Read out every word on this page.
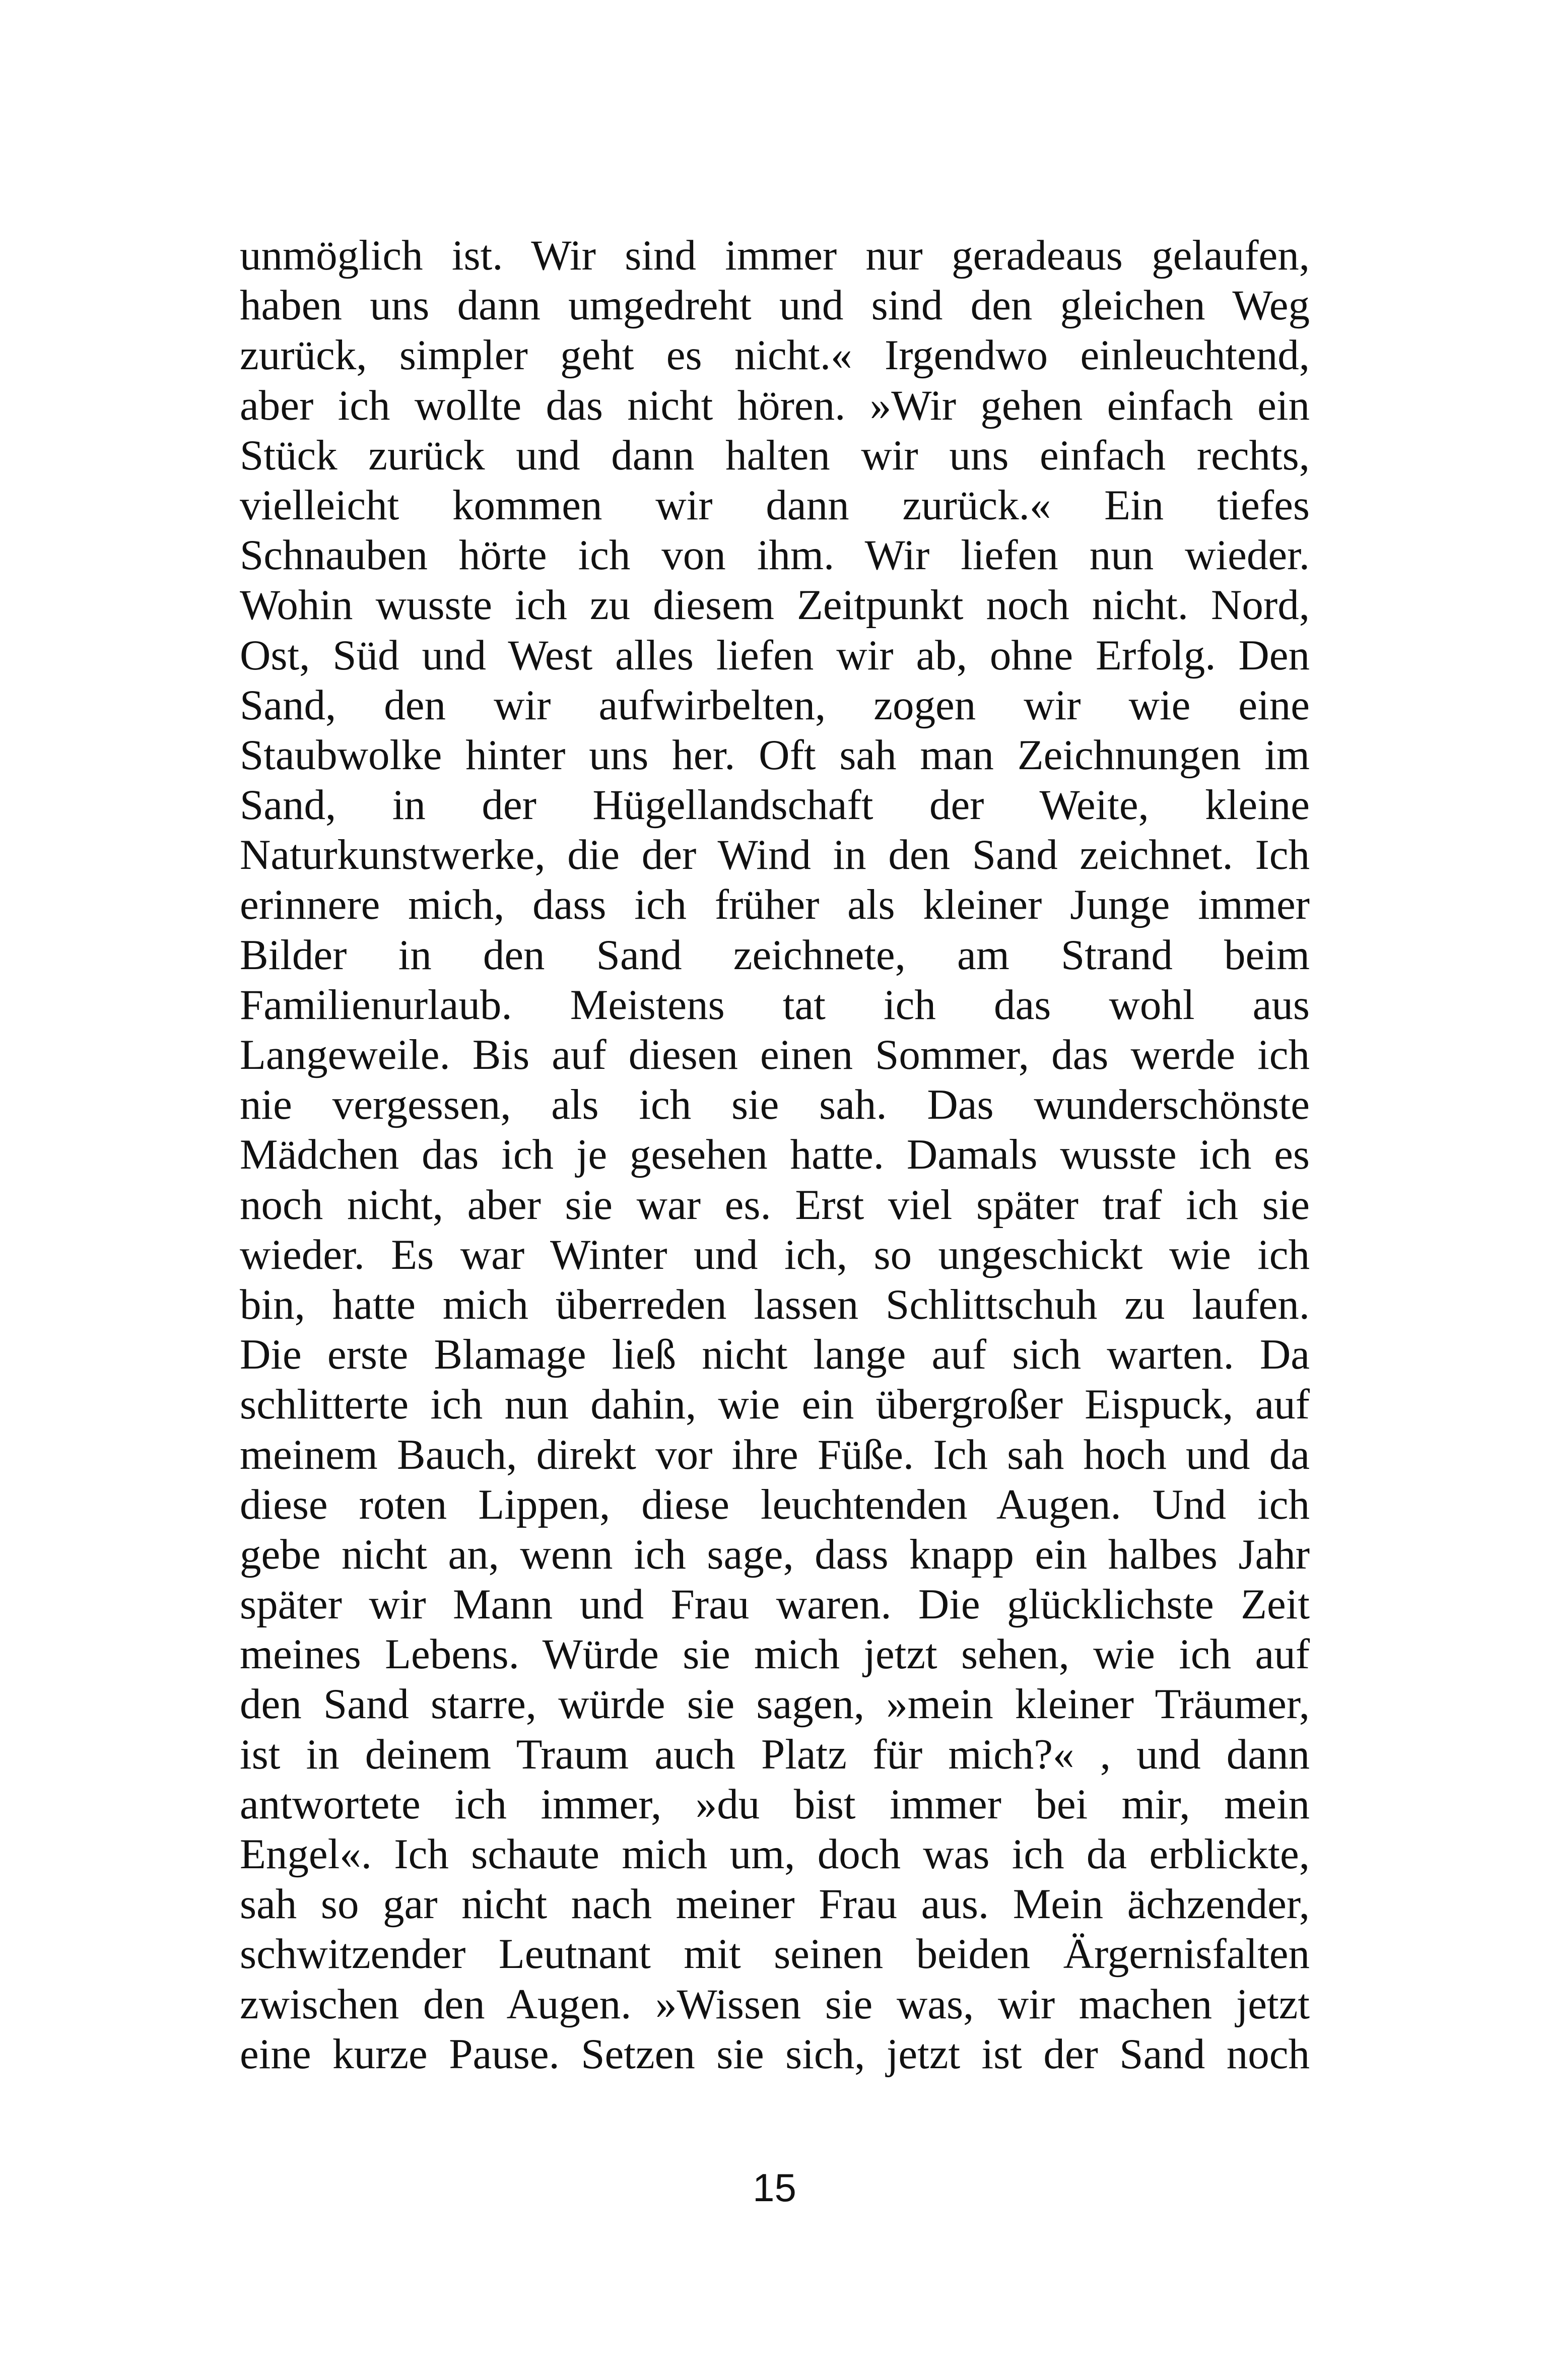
unmöglich ist. Wir sind immer nur geradeaus gelaufen,
haben uns dann umgedreht und sind den gleichen Weg
zurück, simpler geht es nicht.« Irgendwo einleuchtend,
aber ich wollte das nicht hören. »Wir gehen einfach ein
Stück zurück und dann halten wir uns einfach rechts,
vielleicht kommen wir dann zurück.« Ein tiefes
Schnauben hörte ich von ihm. Wir liefen nun wieder.
Wohin wusste ich zu diesem Zeitpunkt noch nicht. Nord,
Ost, Süd und West alles liefen wir ab, ohne Erfolg. Den
Sand, den wir aufwirbelten, zogen wir wie eine
Staubwolke hinter uns her. Oft sah man Zeichnungen im
Sand, in der Hügellandschaft der Weite, kleine
Naturkunstwerke, die der Wind in den Sand zeichnet. Ich
erinnere mich, dass ich früher als kleiner Junge immer
Bilder in den Sand zeichnete, am Strand beim
Familienurlaub. Meistens tat ich das wohl aus
Langeweile. Bis auf diesen einen Sommer, das werde ich
nie vergessen, als ich sie sah. Das wunderschönste
Mädchen das ich je gesehen hatte. Damals wusste ich es
noch nicht, aber sie war es. Erst viel später traf ich sie
wieder. Es war Winter und ich, so ungeschickt wie ich
bin, hatte mich überreden lassen Schlittschuh zu laufen.
Die erste Blamage ließ nicht lange auf sich warten. Da
schlitterte ich nun dahin, wie ein übergroßer Eispuck, auf
meinem Bauch, direkt vor ihre Füße. Ich sah hoch und da
diese roten Lippen, diese leuchtenden Augen. Und ich
gebe nicht an, wenn ich sage, dass knapp ein halbes Jahr
später wir Mann und Frau waren. Die glücklichste Zeit
meines Lebens. Würde sie mich jetzt sehen, wie ich auf
den Sand starre, würde sie sagen, »mein kleiner Träumer,
ist in deinem Traum auch Platz für mich?« , und dann
antwortete ich immer, »du bist immer bei mir, mein
Engel«. Ich schaute mich um, doch was ich da erblickte,
sah so gar nicht nach meiner Frau aus. Mein ächzender,
schwitzender Leutnant mit seinen beiden Ärgernisfalten
zwischen den Augen. »Wissen sie was, wir machen jetzt
eine kurze Pause. Setzen sie sich, jetzt ist der Sand noch
15
